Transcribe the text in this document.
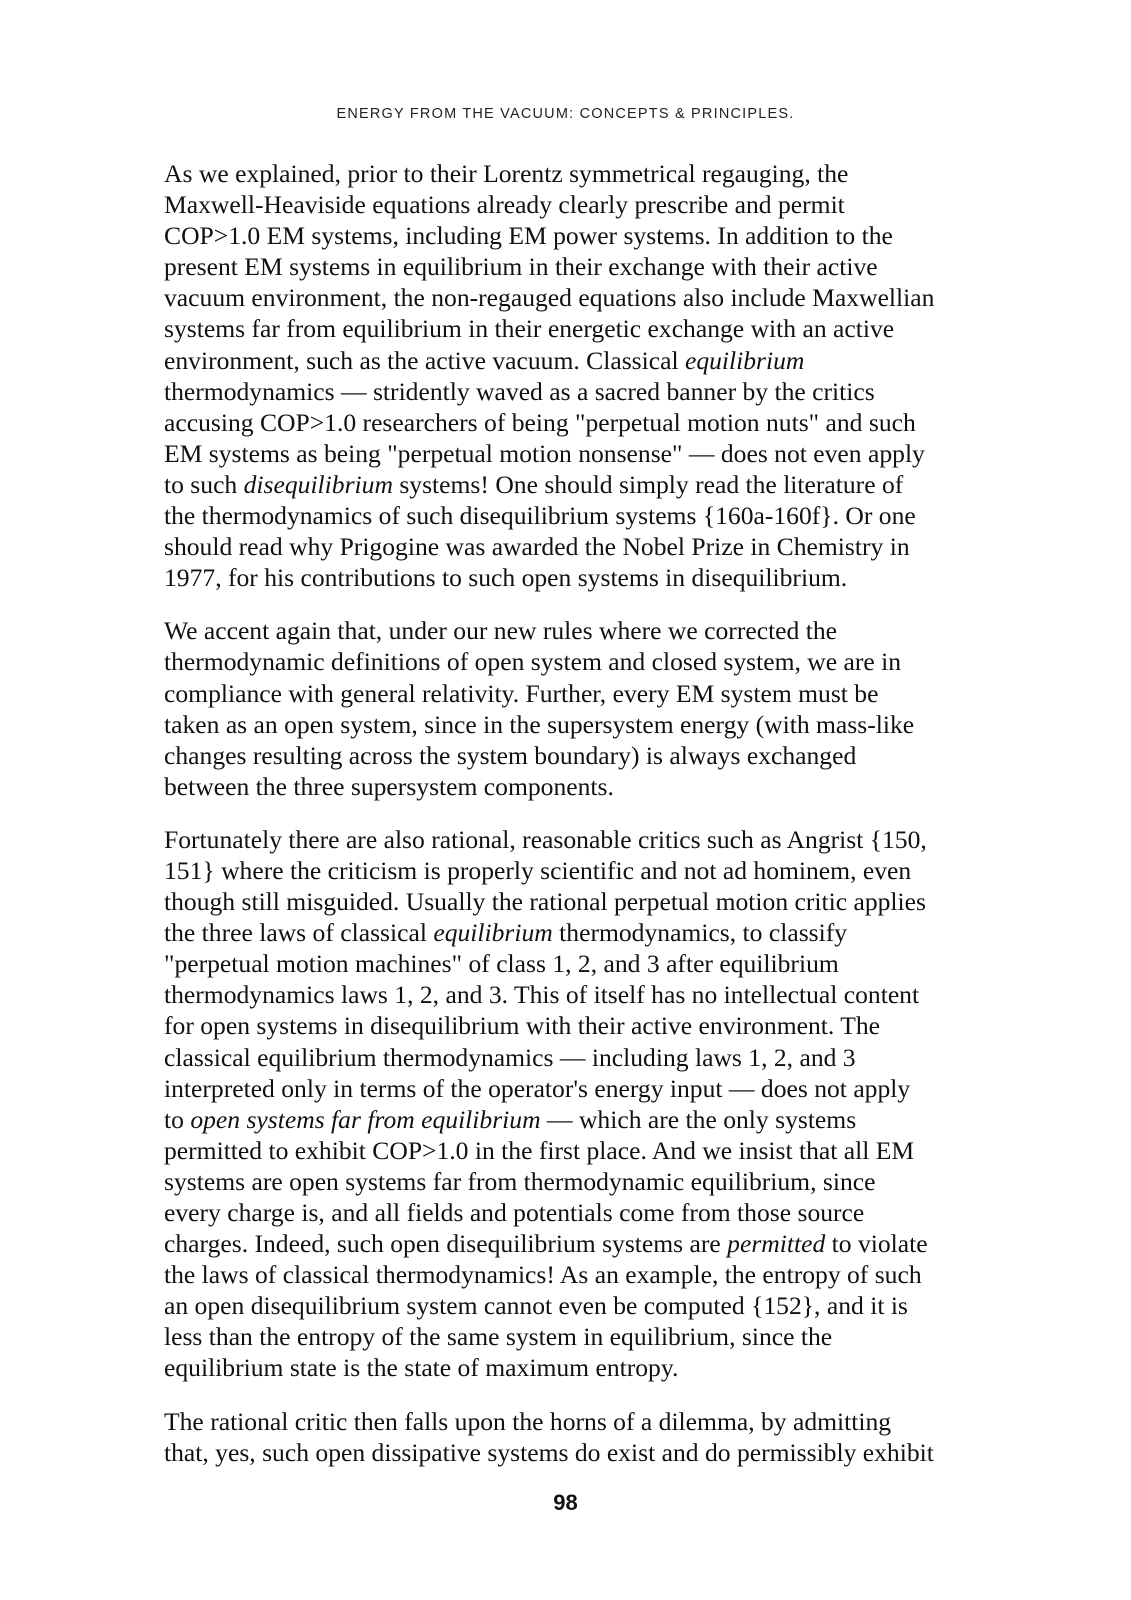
ENERGY FROM THE VACUUM: CONCEPTS & PRINCIPLES.

As we explained, prior to their Lorentz symmetrical regauging, the
Maxwell-Heaviside equations already clearly prescribe and permit
COP>1.0 EM systems, including EM power systems. In addition to the
present EM systems in equilibrium in their exchange with their active
vacuum environment, the non-regauged equations also include Maxwellian
systems far from equilibrium in their energetic exchange with an active
environment, such as the active vacuum. Classical equilibrium
thermodynamics — stridently waved as a sacred banner by the critics
accusing COP>1.0 researchers of being "perpetual motion nuts" and such
EM systems as being "perpetual motion nonsense" — does not even apply
to such disequilibrium systems! One should simply read the literature of
the thermodynamics of such disequilibrium systems {160a-160f}. Or one
should read why Prigogine was awarded the Nobel Prize in Chemistry in
1977, for his contributions to such open systems in disequilibrium.

We accent again that, under our new rules where we corrected the
thermodynamic definitions of open system and closed system, we are in
compliance with general relativity. Further, every EM system must be
taken as an open system, since in the supersystem energy (with mass-like
changes resulting across the system boundary) is always exchanged
between the three supersystem components.

Fortunately there are also rational, reasonable critics such as Angrist {150,
151} where the criticism is properly scientific and not ad hominem, even
though still misguided. Usually the rational perpetual motion critic applies
the three laws of classical equilibrium thermodynamics, to classify
"perpetual motion machines" of class 1, 2, and 3 after equilibrium
thermodynamics laws 1, 2, and 3. This of itself has no intellectual content
for open systems in disequilibrium with their active environment. The
classical equilibrium thermodynamics — including laws 1, 2, and 3
interpreted only in terms of the operator's energy input — does not apply
to open systems far from equilibrium — which are the only systems
permitted to exhibit COP>1.0 in the first place. And we insist that all EM
systems are open systems far from thermodynamic equilibrium, since
every charge is, and all fields and potentials come from those source
charges. Indeed, such open disequilibrium systems are permitted to violate
the laws of classical thermodynamics! As an example, the entropy of such
an open disequilibrium system cannot even be computed {152}, and it is
less than the entropy of the same system in equilibrium, since the
equilibrium state is the state of maximum entropy.

The rational critic then falls upon the horns of a dilemma, by admitting
that, yes, such open dissipative systems do exist and do permissibly exhibit

98
